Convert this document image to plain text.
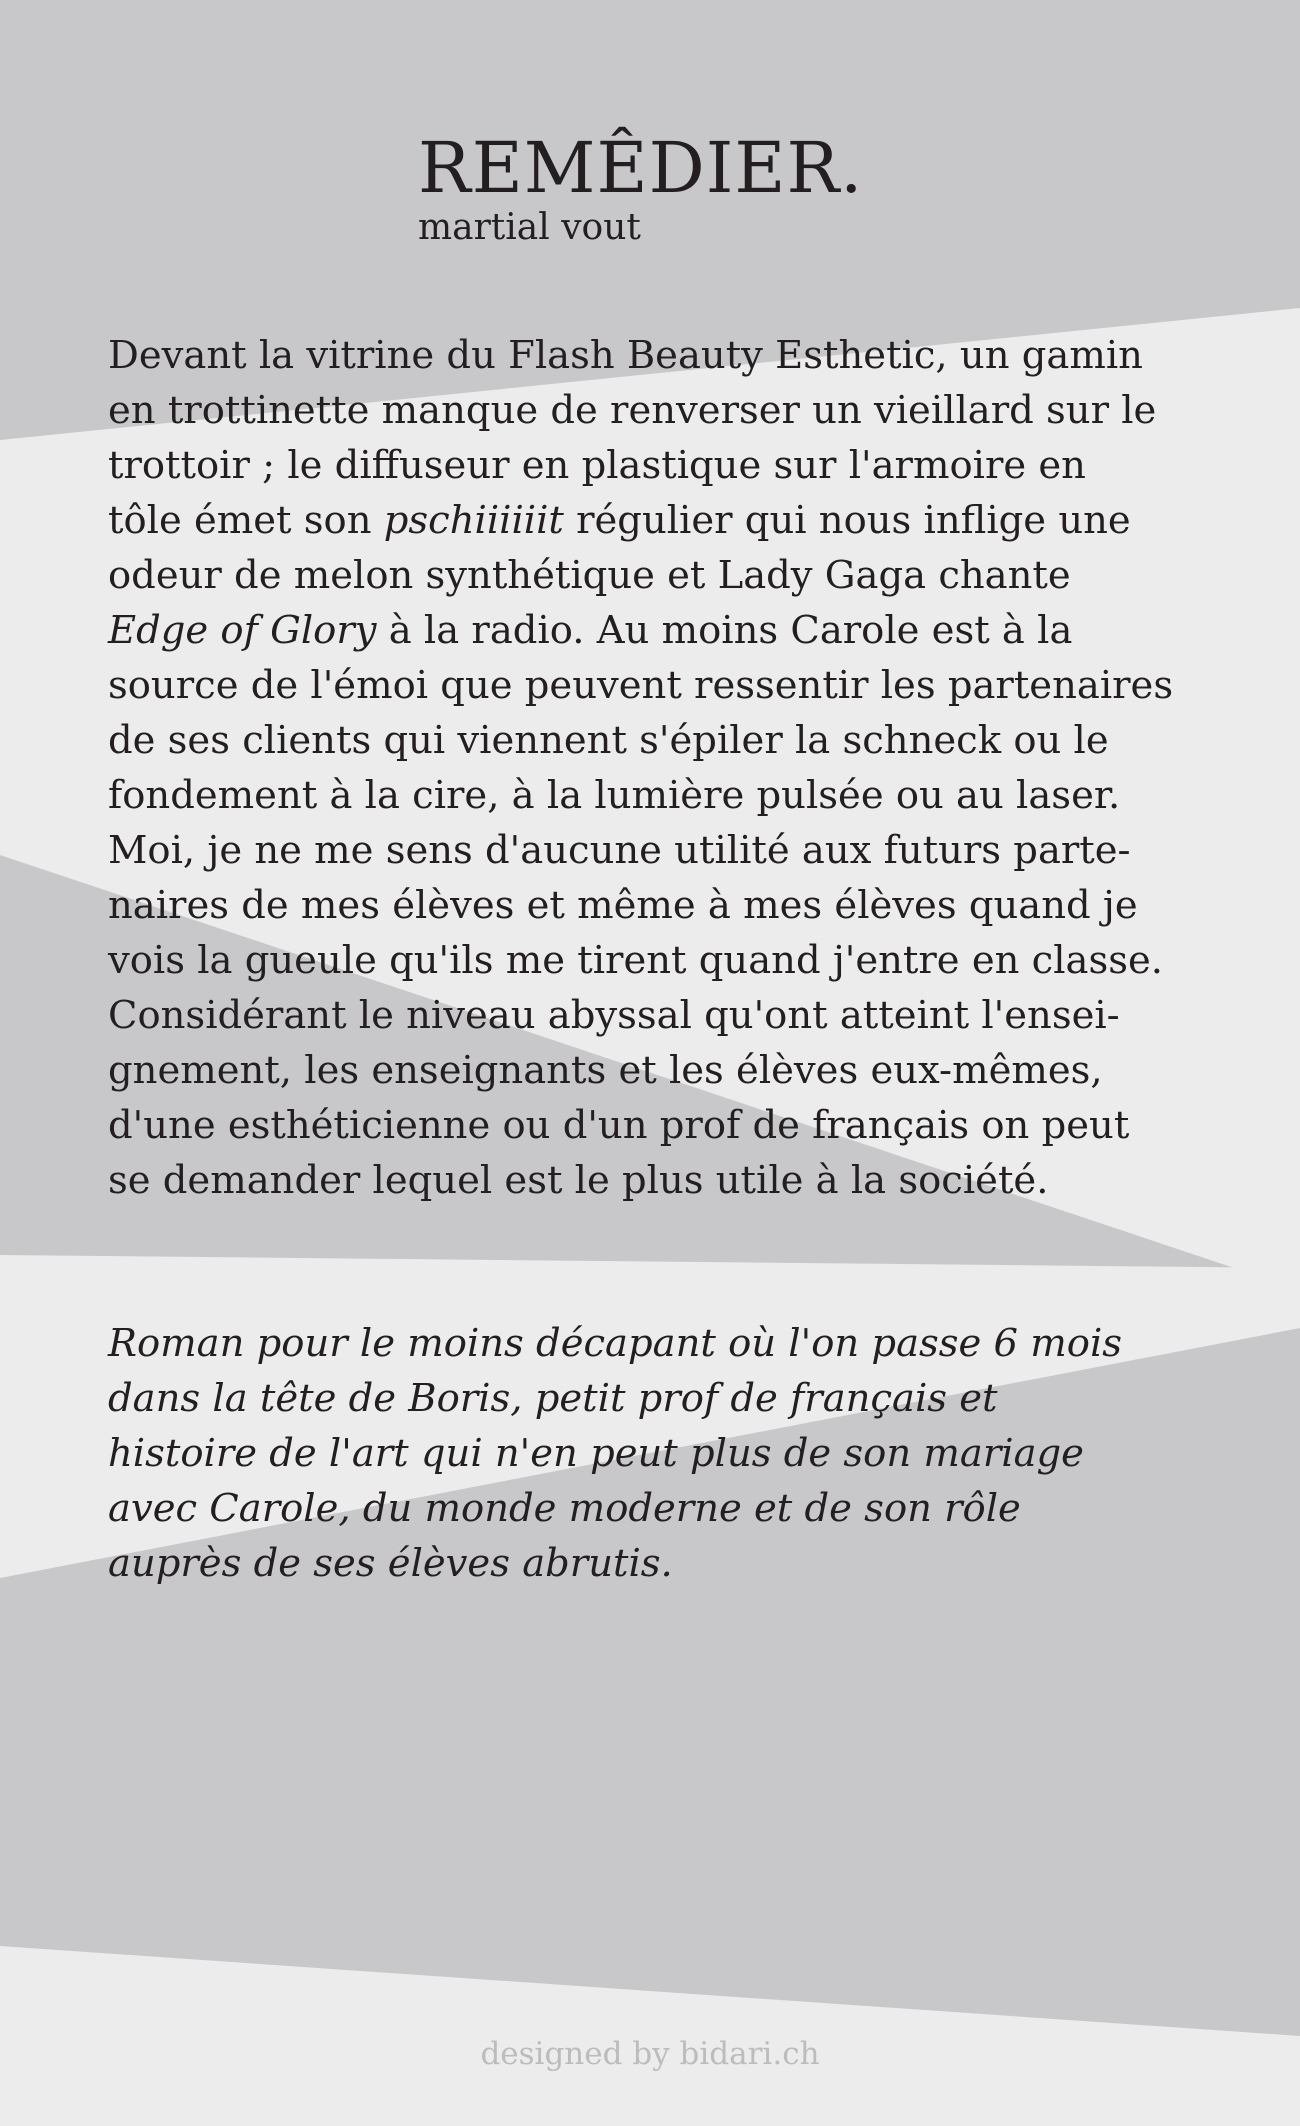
REMÊDIER.

martial vout

Devant la vitrine du Flash Beauty Esthetic, un gamin
en trottinette manque de renverser un vieillard sur le
trottoir ; le diffuseur en plastique sur l'armoire en
tôle émet son pschiiiiiit régulier qui nous inflige une
odeur de melon synthétique et Lady Gaga chante
Edge of Glory à la radio. Au moins Carole est à la
source de l'émoi que peuvent ressentir les partenaires
de ses clients qui viennent s'épiler la schneck ou le
fondement à la cire, à la lumière pulsée ou au laser.
Moi, je ne me sens d'aucune utilité aux futurs parte-
naires de mes élèves et même à mes élèves quand je
vois la gueule qu'ils me tirent quand j'entre en classe.
Considérant le niveau abyssal qu'ont atteint l'ensei-
gnement, les enseignants et les élèves eux-mêmes,
d'une esthéticienne ou d'un prof de français on peut
se demander lequel est le plus utile à la société.
Roman pour le moins décapant où l'on passe 6 mois
dans la tête de Boris, petit prof de français et
histoire de l'art qui n'en peut plus de son mariage
avec Carole, du monde moderne et de son rôle
auprès de ses élèves abrutis.
designed by bidari.ch
